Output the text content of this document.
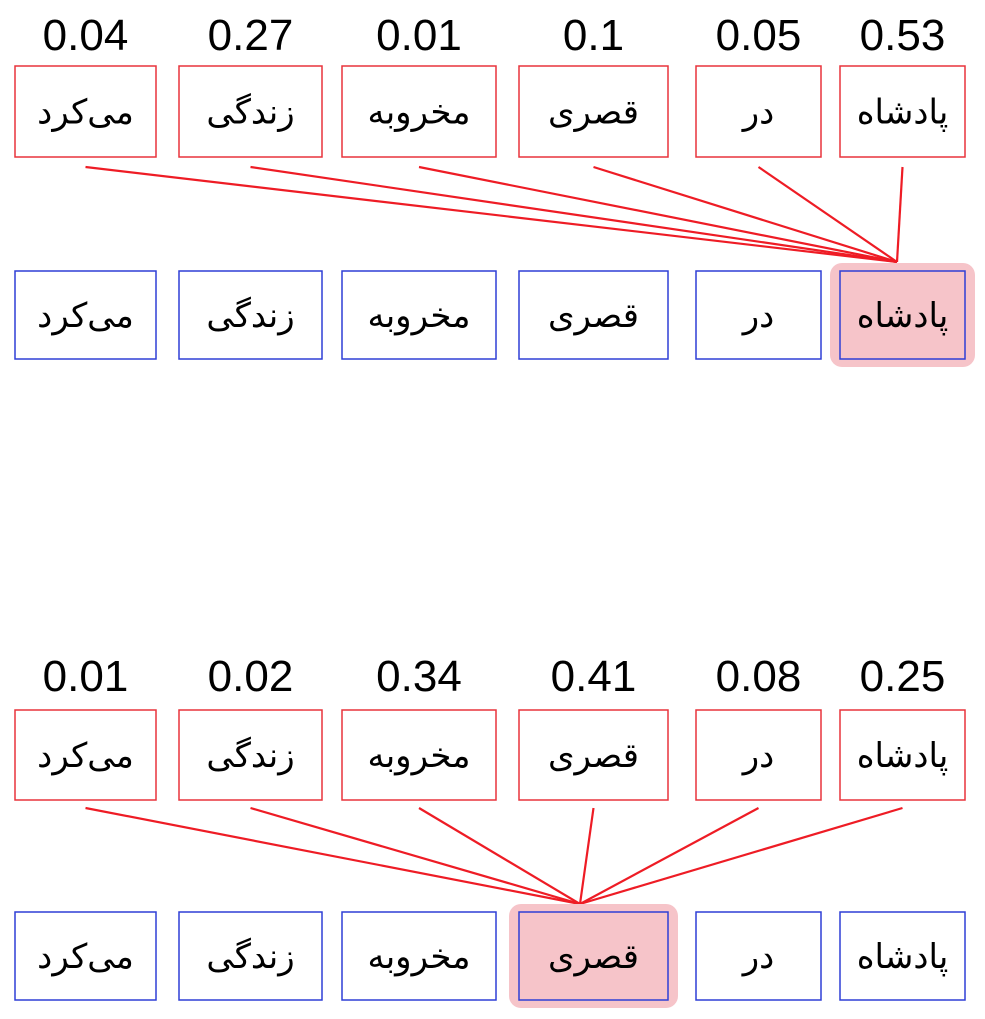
0.53
پادشاه
0.05
در
0.1
قصری
0.01
مخروبه
0.27
زندگی
0.04
می‌کرد
پادشاه
در
قصری
مخروبه
زندگی
می‌کرد
0.25
پادشاه
0.08
در
0.41
قصری
0.34
مخروبه
0.02
زندگی
0.01
می‌کرد
پادشاه
در
قصری
مخروبه
زندگی
می‌کرد
